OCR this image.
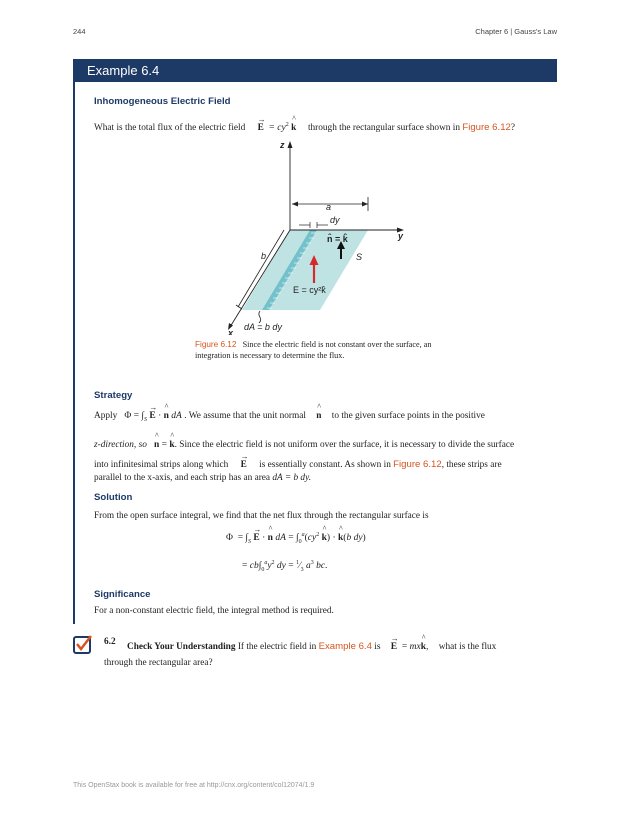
244	Chapter 6 | Gauss's Law
Example 6.4
Inhomogeneous Electric Field
What is the total flux of the electric field → $E = cy^2$ ^ k through the rectangular surface shown in Figure 6.12?
z
y
x
a
dy
b
n̂ = k̂
S
E = cy²k̂
dA = b dy
Figure 6.12 Since the electric field is not constant over the surface, an integration is necessary to determine the flux.
Strategy
Apply   $\Phi = \int_S \to E$ · ^ n dA . We assume that the unit normal ^ n to the given surface points in the positive
z-direction, so ^ n = ^ k. Since the electric field is not uniform over the surface, it is necessary to divide the surface
into infinitesimal strips along which → E is essentially constant. As shown in Figure 6.12, these strips are
parallel to the x-axis, and each strip has an area dA = b dy.
Solution
From the open surface integral, we find that the net flux through the rectangular surface is
$\Phi = \int_S \to E$ · ^ n dA = $\int_0^a(cy^2$ ^ k) · ^ k(b dy)
= $cb\int_0^ay^2$ dy = $^1⁄_3$ $a^3$ bc.
Significance
For a non-constant electric field, the integral method is required.
6.2 Check Your Understanding If the electric field in Example 6.4 is → E  = mx^ k, what is the flux
through the rectangular area?
This OpenStax book is available for free at http://cnx.org/content/col12074/1.9
